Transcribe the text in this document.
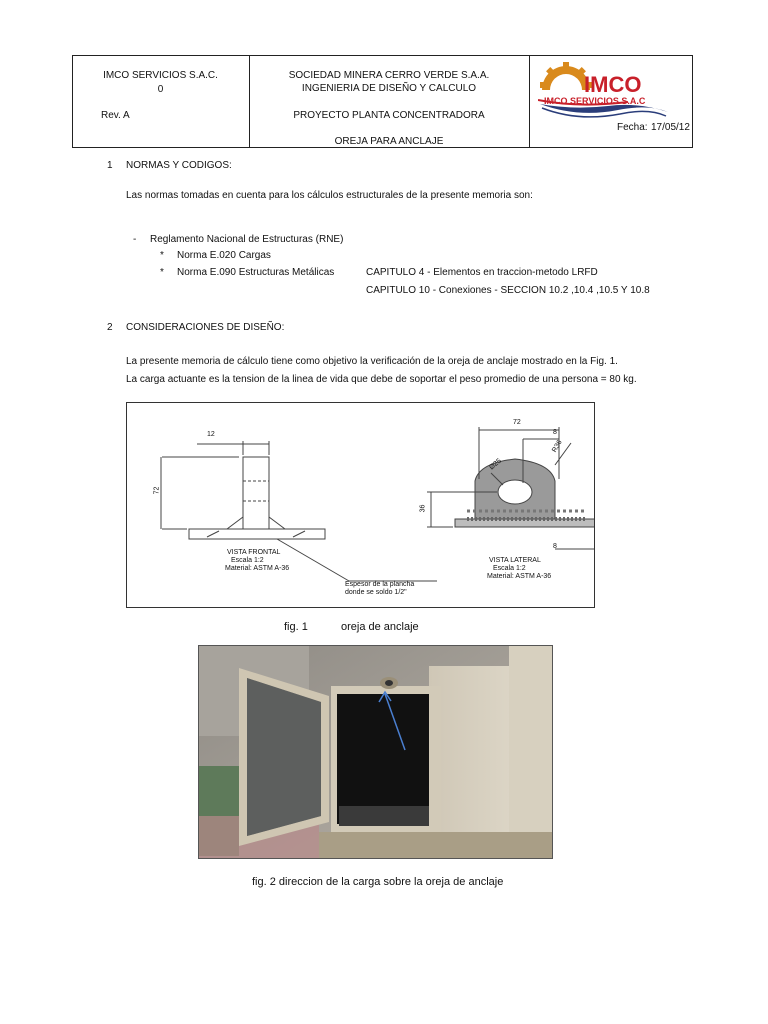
IMCO SERVICIOS S.A.C.
0
Rev. A
SOCIEDAD MINERA CERRO VERDE S.A.A.
INGENIERIA DE DISEÑO Y CALCULO
PROYECTO PLANTA CONCENTRADORA
OREJA PARA ANCLAJE
IMCO
IMCO SERVICIOS S.A.C
Fecha: 17/05/12
1 NORMAS Y CODIGOS:
Las normas tomadas en cuenta para los cálculos estructurales de la presente memoria son:
- Reglamento Nacional de Estructuras (RNE)
* Norma E.020 Cargas
* Norma E.090 Estructuras Metálicas	CAPITULO 4 - Elementos en traccion-metodo LRFD
CAPITULO 10 - Conexiones - SECCION 10.2 ,10.4 ,10.5 Y 10.8
2 CONSIDERACIONES DE DISEÑO:
La presente memoria de cálculo tiene como objetivo la verificación de la oreja de anclaje mostrado en la Fig. 1.
La carga actuante es la tension de la linea de vida que debe de soportar el peso promedio de una persona = 80 kg.
12
72
VISTA FRONTAL
Escala 1:2
Material: ASTM A-36
Espesor de la plancha
donde se soldo 1/2"
72
8
R36
Ø25
36
8
VISTA LATERAL
Escala 1:2
Material: ASTM A-36
fig. 1	oreja de anclaje
fig. 2 direccion de la carga sobre la oreja de anclaje
